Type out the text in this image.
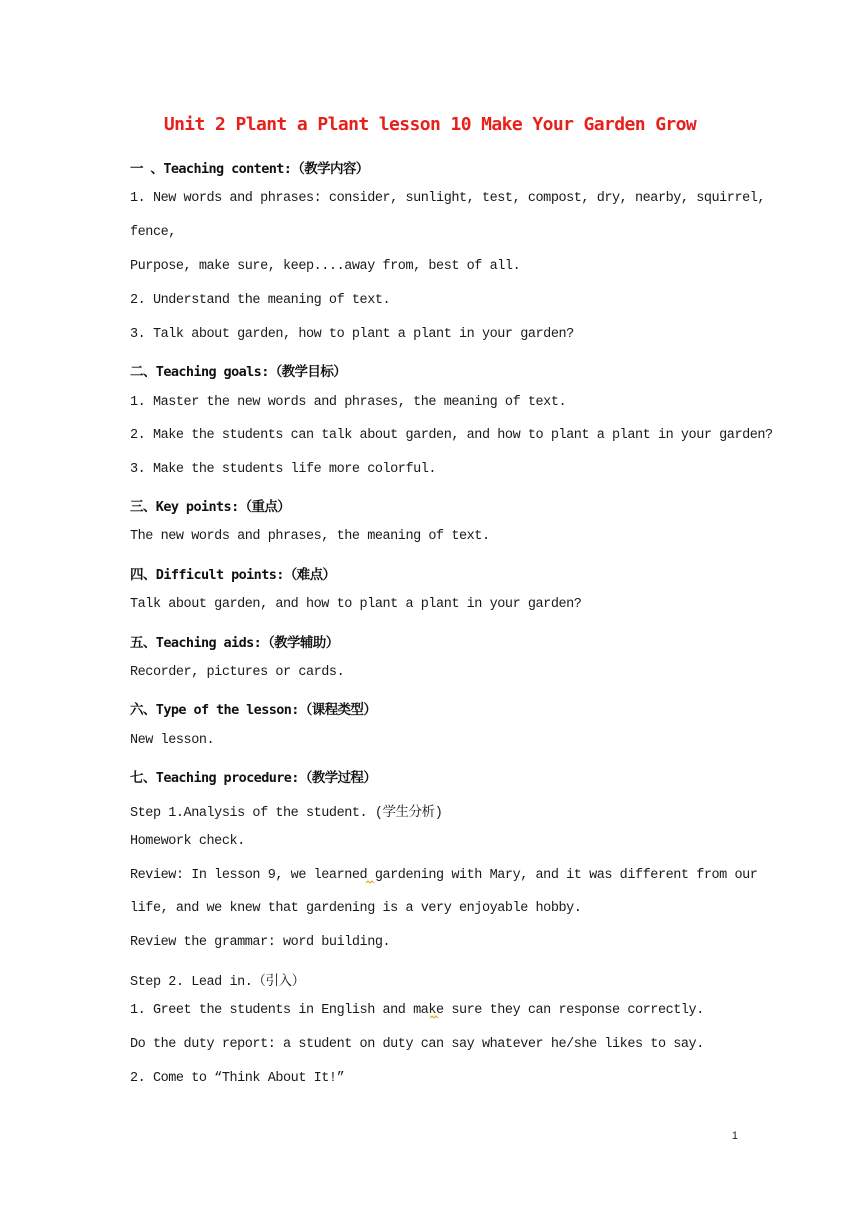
Unit 2 Plant a Plant lesson 10 Make Your Garden Grow
一 、Teaching content:（教学内容）
1. New words and phrases: consider, sunlight, test, compost, dry, nearby, squirrel,
fence,
Purpose, make sure, keep....away from, best of all.
2. Understand the meaning of text.
3. Talk about garden, how to plant a plant in your garden?
二、Teaching goals:（教学目标）
1. Master the new words and phrases, the meaning of text.
2. Make the students can talk about garden, and how to plant a plant in your garden?
3. Make the students life more colorful.
三、Key points:（重点）
The new words and phrases, the meaning of text.
四、Difficult points:（难点）
Talk about garden, and how to plant a plant in your garden?
五、Teaching aids:（教学辅助）
Recorder, pictures or cards.
六、Type of the lesson:（课程类型）
New lesson.
七、Teaching procedure:（教学过程）
Step 1.Analysis of the student. (学生分析)
Homework check.
Review: In lesson 9, we learned gardening with Mary, and it was different from our
life, and we knew that gardening is a very enjoyable hobby.
Review the grammar: word building.
Step 2. Lead in.（引入）
1. Greet the students in English and make sure they can response correctly.
Do the duty report: a student on duty can say whatever he/she likes to say.
2. Come to “Think About It!”
1
